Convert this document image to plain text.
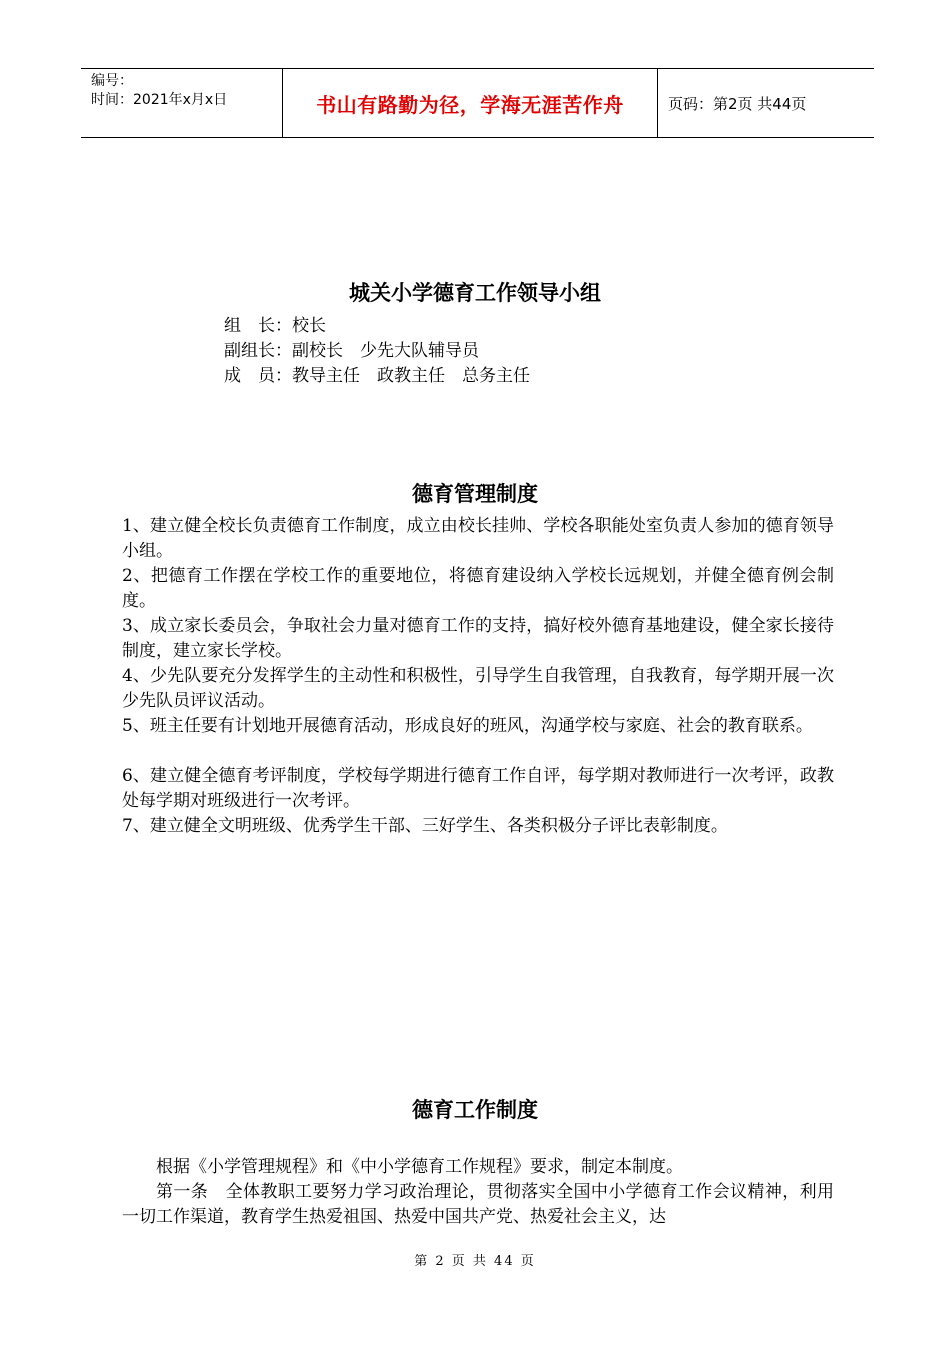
编号：
时间：2021年x月x日	书山有路勤为径，学海无涯苦作舟	页码：第2页 共44页
城关小学德育工作领导小组
组　长：校长
副组长：副校长　少先大队辅导员
成　员：教导主任　政教主任　总务主任
德育管理制度
1、建立健全校长负责德育工作制度，成立由校长挂帅、学校各职能处室负责人参加的德育领导小组。
2、把德育工作摆在学校工作的重要地位，将德育建设纳入学校长远规划，并健全德育例会制度。
3、成立家长委员会，争取社会力量对德育工作的支持，搞好校外德育基地建设，健全家长接待制度，建立家长学校。
4、少先队要充分发挥学生的主动性和积极性，引导学生自我管理，自我教育，每学期开展一次少先队员评议活动。
5、班主任要有计划地开展德育活动，形成良好的班风，沟通学校与家庭、社会的教育联系。
6、建立健全德育考评制度，学校每学期进行德育工作自评，每学期对教师进行一次考评，政教处每学期对班级进行一次考评。
7、建立健全文明班级、优秀学生干部、三好学生、各类积极分子评比表彰制度。
德育工作制度

根据《小学管理规程》和《中小学德育工作规程》要求，制定本制度。

第一条　全体教职工要努力学习政治理论，贯彻落实全国中小学德育工作会议精神，利用一切工作渠道，教育学生热爱祖国、热爱中国共产党、热爱社会主义，达

第 2 页 共 44 页
